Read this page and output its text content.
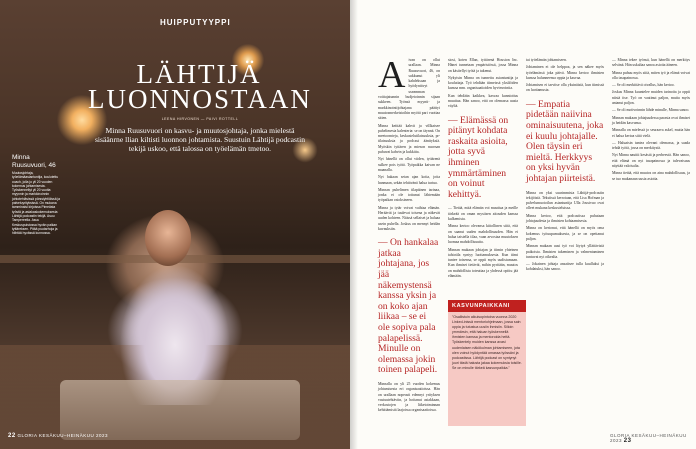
HUIPPUTYYPPI
LÄHTIJÄ LUONNOSTAAN
LEENA HIRVONEN — PAIVI ROTTELL
Minna Ruusuvuori on kasvu- ja muutosjohtaja, jonka mielestä sisäänrne llian kiltisti luonnon johtamista. Suustuin Lähtijä podcastin tekijä uskoo, että talossa on työelämän tmetoo.
Minna Ruusuvuori, 46
Muutosjohtaja, työelämäasiantuntija, koulutettu coach, jolla jo yli 20 vuoden kokemus johtamisesta. Työskennellyt yli 20 vuotta myynnin ja markkinoinnin johtotehtävissä pörssiyhtiöissä ja palveluyrityksissä. On mukana tamminaisi kirjoissa Pimeästa työstä ja asiakaskokemuksesta Lähtijä podcastin tekijä. Asuu Tampereella. Asuu Keskuspuistossa hyvän paikan tyttäreksen. Pitää puutarhoja ja hiihtää hyvässä kunnossa.
22 GLORIA KESÄKUU–HEINÄKUU 2023
A ivan on ollut urallaan. Minna Ruusuvuori, 46, on sukkunut yli kahdeksaan ja hyödyntävyt useamman voittajatunnin budjetoinnin sijaan sukkeen. Työnsä myynti- ja markkinointijohtajana päättyi muutosmerkeistoihin myötä pari vuottaa sitten.

Minna keittää kahvit ja villkaisee puhelimesta kalenteria: se on täynnä. On meetoomteja, keskustelutilaisuuksia, pr-tilaisuuksia ja podcast äänityksiä. Myöskin tyttären ja mieson nuorsan puhuvat kahvin ja kukkitta.

Nyt hänellä on ollut viiden, tyttärenä sulkee pois työtä. Työpaikka kaivan ne maanalla.

Nyt hakaan setan ajan kotia, jotta hanmaan, sekän tehtävänä halua turtua.

Minnan puhelimen tilapäinen tarinaa, jonka ei ole tottunut lähtemään työpaikan ostoksineen.

Minna ja tytär voivat vaihtaa elämän. Heräävät ja tuulevat toisena ja näkevät uuden kohteen. Näissä sellaiset ja haluaa usein puhella. Joskus on mennyt heidän kuvauksiin.

— On hankalaa jatkaa johtajana, jos jää näkemystensä kanssa yksin ja on koko ajan liikaa – se ei ole sopiva pala palapelissä. Minulle on olemassa jokin toinen palapeli.

Minnalla on yli 25 vuoden kokemus johtamisesta eri organisaatioissa. Hän on urallaan nopeasti edennyt yrityksen vastuutehtäviin, ja hoitanut asiakkaan, verkostojen ja liiketoiminnan kehittämistä laajoissa organisaatioissa.

siosi, koten Ellan, tyttärenä Houston Inc. Hänet tunnetaan ympäristössä, jossa Minna on käsitellyt työtä ja tukenut.

Nykyisin Minna on tunnettu asiantuntija ja kouluttaja. Työ tehdään tiimeissä yksilöiden kanssa mm. organisaatioiden hyvinvointia.

Kun tehdään kaikkea, kasvaa kunnioitus muuttua. Hän sanoo, että on olemassa uusia väyliä.

— Elämässä on pitänyt kohdata raskaita asioita, jotta syvä ihminen ymmärtäminen on voinut kehittyä.

— Tietää, mitä elämän voi muuttua ja meille tärkeää on oman mystisen aitouden kanssa kulkemista.

Minna kertoo olevansa kiitollinen siitä, että on saanut uuden mahdollisuuden. Hän ei halua taistella tilaa, vaan arvostaa muutoksen luomaa mahdollisuutta.

Minnan mukaan johtajan ja tiimin yhteinen tahtotila syntyy luottamuksesta. Kun tiimi tuntee toisensa, se oppii myös uudistumaan. Kun ihmiset tietävät, mihin pyritään, muutos on mahdollista toteuttaa ja yhdessä opittu jää elämään.

KASVUNPAIKKANI
"Osallistuin aikuisopintoina vuonna 2020 Linked-inissä mentoriohjelmaan, jossa sain oppia ja tutustua uusiin ihmisiin. Silloin ymmärsin, että haluan työskennellä ihmisten kanssa ja mentoroida heitä. Työskentely muiden kanssa avasi uudenlaisen näkökulman johtamiseen, jota olen voinut hyödyntää omassa työssäni ja podcastissa. Lähtijä podcast on syntynyt juuri tästä halusta jakaa kokemuksia toisille. Se on minulle tärkeä kasvunpaikka."

tai työelämän johtamiseen.

Johtaminen ei ole helppoa, ja sen näkee myös työelämässä joka päivä. Minna kertoo ihmisten kanssa halunneensa oppia ja kasvaa.

Johtamisen ei tarvitse olla yksinäistä, kun tiimissä on luottamusta.

— Empatia pidetään naiivina ominaisuutena, joka ei kuulu johtajalle. Olen täysin eri mieltä. Herkkyys on yksi hyvän johtajan piirteistä.

Minna on yksi suurimmista Lähtijä-podcastin tekijöistä. Tekstissä kerrotaan, että Lisa Hofman ja palvelumuotoilun asiantuntija Ulla Jousivuo ovat olleet mukana keskusteluissa.

Minna kertoo, että podcastissa puhutaan johtajuudesta ja ihmisten kohtaamisesta.

Minna on kertonut, että hänellä on myös oma kokemus työuupumuksesta, ja se on opettanut paljon.

Minnan mukaan uusi työ voi löytyä yllättävistä paikoista. Ihmisten tukeminen ja valmentaminen tuntuvat nyt oikealta.

— Jokainen johtaja ansaitsee tulla kuulluksi ja kohdatuksi, hän sanoo.

— Minna tekee työnsä, kun hänellä on merkitys selvänä. Hän uskaltaa sanoa asioita ääneen.

Minna puhuu myös siitä, miten työ ja elämä voivat olla tasapainossa.

— Se oli merkittävä oivallus, hän kertoo.

Joskus Minna kuuntelee muiden tarinoita ja oppii niistä itse. Työ on vaatinut paljon, mutta myös antanut paljon.

— Se oli motivoinnin lähde minulle, Minna sanoo.

Minnan mukaan johtajuudessa parasta ovat ihmiset ja heidän kasvunsa.

Minnalla on mielessä jo seuraava askel, mutta hän ei halua kertoa siitä vielä.

— Haluaisin tuntea olevani olemassa, ja saada tehdä työtä, jossa on merkitystä.

Nyt Minna nauttii kesästä ja perheestä. Hän sanoo, että elämä on nyt tasapainossa ja tulevaisuus näyttää valoisalta.

Minna tietää, että muutos on aina mahdollisuus, ja se tuo mukanaan uusia asioita.

GLORIA KESÄKUU–HEINÄKUU 2023 23
